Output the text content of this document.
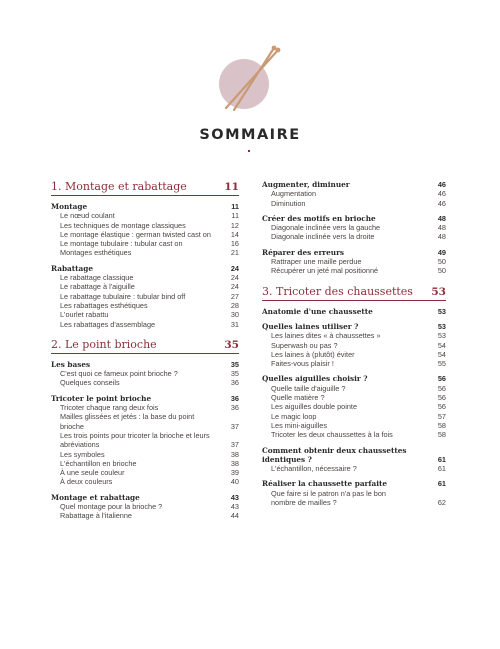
SOMMAIRE
1. Montage et rabattage	11
Montage	11
Le nœud coulant	11
Les techniques de montage classiques	12
Le montage élastique : german twisted cast on	14
Le montage tubulaire : tubular cast on	16
Montages esthétiques	21
Rabattage	24
Le rabattage classique	24
Le rabattage à l'aiguille	24
Le rabattage tubulaire : tubular bind off	27
Les rabattages esthétiques	28
L'ourlet rabattu	30
Les rabattages d'assemblage	31
2. Le point brioche	35
Les bases	35
C'est quoi ce fameux point brioche ?	35
Quelques conseils	36
Tricoter le point brioche	36
Tricoter chaque rang deux fois	36
Mailles glissées et jetés : la base du point brioche	37
Les trois points pour tricoter la brioche et leurs abréviations	37
Les symboles	38
L'échantillon en brioche	38
À une seule couleur	39
À deux couleurs	40
Montage et rabattage	43
Quel montage pour la brioche ?	43
Rabattage à l'italienne	44
Augmenter, diminuer	46
Augmentation	46
Diminution	46
Créer des motifs en brioche	48
Diagonale inclinée vers la gauche	48
Diagonale inclinée vers la droite	48
Réparer des erreurs	49
Rattraper une maille perdue	50
Récupérer un jeté mal positionné	50
3. Tricoter des chaussettes 53
Anatomie d'une chaussette	53
Quelles laines utiliser ?	53
Les laines dites « à chaussettes »	53
Superwash ou pas ?	54
Les laines à (plutôt) éviter	54
Faites-vous plaisir !	55
Quelles aiguilles choisir ?	56
Quelle taille d'aiguille ?	56
Quelle matière ?	56
Les aiguilles double pointe	56
Le magic loop	57
Les mini-aiguilles	58
Tricoter les deux chaussettes à la fois	58
Comment obtenir deux chaussettes identiques ?	61
L'échantillon, nécessaire ?	61
Réaliser la chaussette parfaite	61
Que faire si le patron n'a pas le bon nombre de mailles ?	62
